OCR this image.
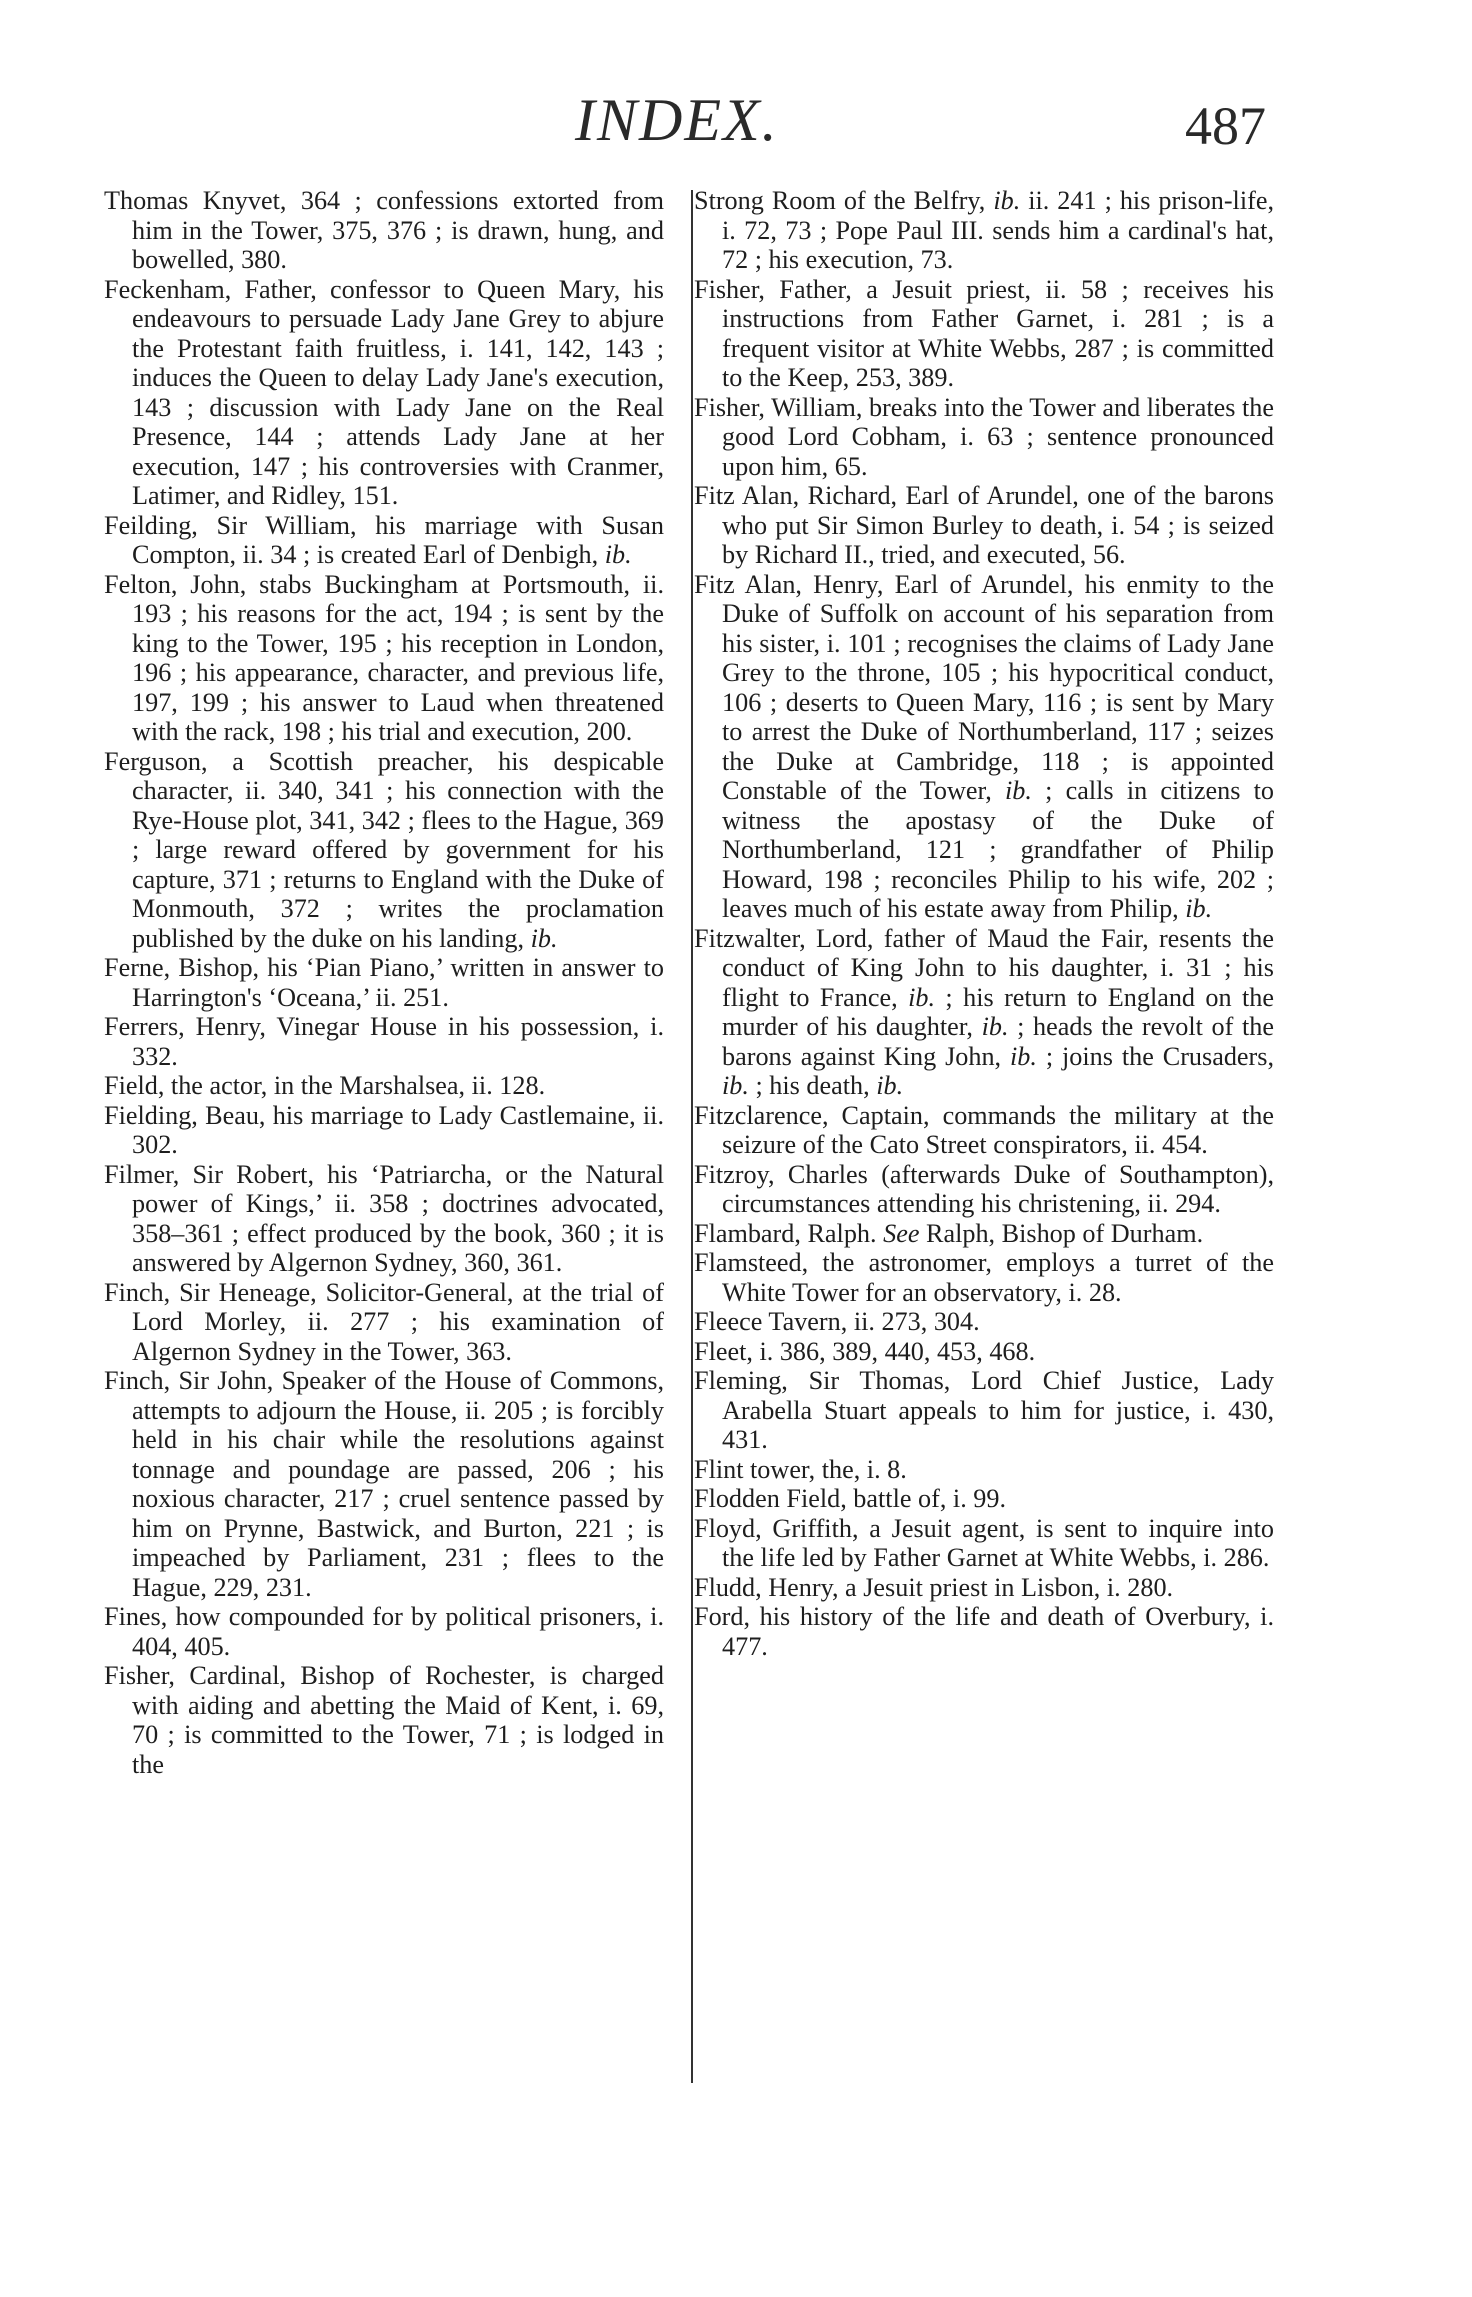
INDEX.	487

Thomas Knyvet, 364 ; confessions extorted from him in the Tower, 375, 376 ; is drawn, hung, and bowelled, 380.

Feckenham, Father, confessor to Queen Mary, his endeavours to persuade Lady Jane Grey to abjure the Protestant faith fruitless, i. 141, 142, 143 ; induces the Queen to delay Lady Jane's execution, 143 ; discussion with Lady Jane on the Real Presence, 144 ; attends Lady Jane at her execution, 147 ; his controversies with Cranmer, Latimer, and Ridley, 151.

Feilding, Sir William, his marriage with Susan Compton, ii. 34 ; is created Earl of Denbigh, ib.

Felton, John, stabs Buckingham at Portsmouth, ii. 193 ; his reasons for the act, 194 ; is sent by the king to the Tower, 195 ; his reception in London, 196 ; his appearance, character, and previous life, 197, 199 ; his answer to Laud when threatened with the rack, 198 ; his trial and execution, 200.

Ferguson, a Scottish preacher, his despicable character, ii. 340, 341 ; his connection with the Rye-House plot, 341, 342 ; flees to the Hague, 369 ; large reward offered by government for his capture, 371 ; returns to England with the Duke of Monmouth, 372 ; writes the proclamation published by the duke on his landing, ib.

Ferne, Bishop, his ‘Pian Piano,’ written in answer to Harrington's ‘Oceana,’ ii. 251.

Ferrers, Henry, Vinegar House in his possession, i. 332.

Field, the actor, in the Marshalsea, ii. 128.

Fielding, Beau, his marriage to Lady Castlemaine, ii. 302.

Filmer, Sir Robert, his ‘Patriarcha, or the Natural power of Kings,’ ii. 358 ; doctrines advocated, 358–361 ; effect produced by the book, 360 ; it is answered by Algernon Sydney, 360, 361.

Finch, Sir Heneage, Solicitor-General, at the trial of Lord Morley, ii. 277 ; his examination of Algernon Sydney in the Tower, 363.

Finch, Sir John, Speaker of the House of Commons, attempts to adjourn the House, ii. 205 ; is forcibly held in his chair while the resolutions against tonnage and poundage are passed, 206 ; his noxious character, 217 ; cruel sentence passed by him on Prynne, Bastwick, and Burton, 221 ; is impeached by Parliament, 231 ; flees to the Hague, 229, 231.

Fines, how compounded for by political prisoners, i. 404, 405.

Fisher, Cardinal, Bishop of Rochester, is charged with aiding and abetting the Maid of Kent, i. 69, 70 ; is committed to the Tower, 71 ; is lodged in the

Strong Room of the Belfry, ib. ii. 241 ; his prison-life, i. 72, 73 ; Pope Paul III. sends him a cardinal's hat, 72 ; his execution, 73.

Fisher, Father, a Jesuit priest, ii. 58 ; receives his instructions from Father Garnet, i. 281 ; is a frequent visitor at White Webbs, 287 ; is committed to the Keep, 253, 389.

Fisher, William, breaks into the Tower and liberates the good Lord Cobham, i. 63 ; sentence pronounced upon him, 65.

Fitz Alan, Richard, Earl of Arundel, one of the barons who put Sir Simon Burley to death, i. 54 ; is seized by Richard II., tried, and executed, 56.

Fitz Alan, Henry, Earl of Arundel, his enmity to the Duke of Suffolk on account of his separation from his sister, i. 101 ; recognises the claims of Lady Jane Grey to the throne, 105 ; his hypocritical conduct, 106 ; deserts to Queen Mary, 116 ; is sent by Mary to arrest the Duke of Northumberland, 117 ; seizes the Duke at Cambridge, 118 ; is appointed Constable of the Tower, ib. ; calls in citizens to witness the apostasy of the Duke of Northumberland, 121 ; grandfather of Philip Howard, 198 ; reconciles Philip to his wife, 202 ; leaves much of his estate away from Philip, ib.

Fitzwalter, Lord, father of Maud the Fair, resents the conduct of King John to his daughter, i. 31 ; his flight to France, ib. ; his return to England on the murder of his daughter, ib. ; heads the revolt of the barons against King John, ib. ; joins the Crusaders, ib. ; his death, ib.

Fitzclarence, Captain, commands the military at the seizure of the Cato Street conspirators, ii. 454.

Fitzroy, Charles (afterwards Duke of Southampton), circumstances attending his christening, ii. 294.

Flambard, Ralph. See Ralph, Bishop of Durham.

Flamsteed, the astronomer, employs a turret of the White Tower for an observatory, i. 28.

Fleece Tavern, ii. 273, 304.

Fleet, i. 386, 389, 440, 453, 468.

Fleming, Sir Thomas, Lord Chief Justice, Lady Arabella Stuart appeals to him for justice, i. 430, 431.

Flint tower, the, i. 8.

Flodden Field, battle of, i. 99.

Floyd, Griffith, a Jesuit agent, is sent to inquire into the life led by Father Garnet at White Webbs, i. 286.

Fludd, Henry, a Jesuit priest in Lisbon, i. 280.

Ford, his history of the life and death of Overbury, i. 477.
